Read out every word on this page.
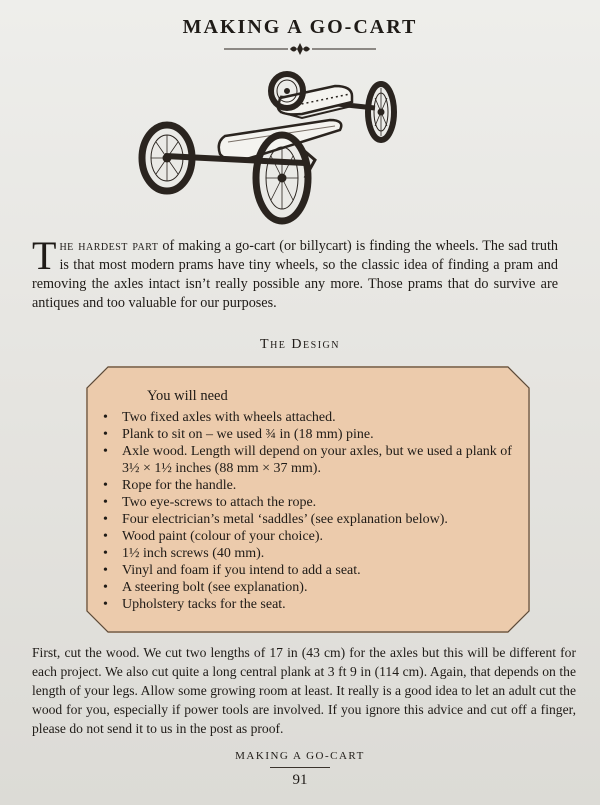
MAKING A GO-CART
The hardest part of making a go-cart (or billycart) is finding the wheels. The sad truth is that most modern prams have tiny wheels, so the classic idea of finding a pram and removing the axles intact isn’t really possible any more. Those prams that do survive are antiques and too valuable for our purposes.
The Design
You will need
• Two fixed axles with wheels attached.
• Plank to sit on – we used ¾ in (18 mm) pine.
• Axle wood. Length will depend on your axles, but we used a plank of 3½ × 1½ inches (88 mm × 37 mm).
• Rope for the handle.
• Two eye-screws to attach the rope.
• Four electrician’s metal ‘saddles’ (see explanation below).
• Wood paint (colour of your choice).
• 1½ inch screws (40 mm).
• Vinyl and foam if you intend to add a seat.
• A steering bolt (see explanation).
• Upholstery tacks for the seat.
First, cut the wood. We cut two lengths of 17 in (43 cm) for the axles but this will be different for each project. We also cut quite a long central plank at 3 ft 9 in (114 cm). Again, that depends on the length of your legs. Allow some growing room at least. It really is a good idea to let an adult cut the wood for you, especially if power tools are involved. If you ignore this advice and cut off a finger, please do not send it to us in the post as proof.
MAKING A GO-CART
91
